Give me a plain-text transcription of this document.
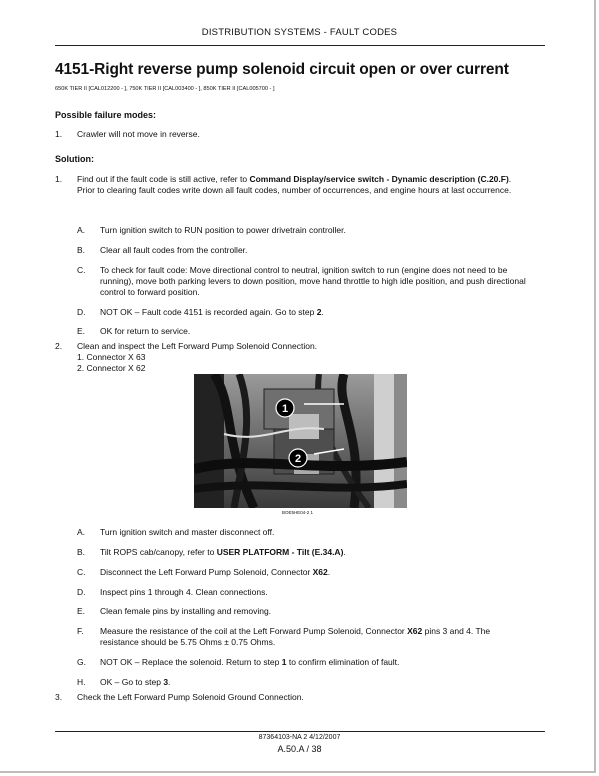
DISTRIBUTION SYSTEMS - FAULT CODES
4151-Right reverse pump solenoid circuit open or over current
650K TIER II [CAL012200 - ], 750K TIER II [CAL003400 - ], 850K TIER II [CAL005700 - ]
Possible failure modes:
1. Crawler will not move in reverse.
Solution:
1. Find out if the fault code is still active, refer to Command Display/service switch - Dynamic description (C.20.F).
Prior to clearing fault codes write down all fault codes, number of occurrences, and engine hours at last occurrence.
A. Turn ignition switch to RUN position to power drivetrain controller.
B. Clear all fault codes from the controller.
C. To check for fault code: Move directional control to neutral, ignition switch to run (engine does not need to be running), move both parking levers to down position, move hand throttle to high idle position, and push directional control to forward position.
D. NOT OK – Fault code 4151 is recorded again. Go to step 2.
E. OK for return to service.
2. Clean and inspect the Left Forward Pump Solenoid Connection.
1. Connector X 63
2. Connector X 62
1
2
BOE5HE04-2 1
A. Turn ignition switch and master disconnect off.
B. Tilt ROPS cab/canopy, refer to USER PLATFORM - Tilt (E.34.A).
C. Disconnect the Left Forward Pump Solenoid, Connector X62.
D. Inspect pins 1 through 4. Clean connections.
E. Clean female pins by installing and removing.
F. Measure the resistance of the coil at the Left Forward Pump Solenoid, Connector X62 pins 3 and 4. The resistance should be 5.75 Ohms ± 0.75 Ohms.
G. NOT OK – Replace the solenoid. Return to step 1 to confirm elimination of fault.
H. OK – Go to step 3.
3. Check the Left Forward Pump Solenoid Ground Connection.
87364103-NA 2 4/12/2007
A.50.A / 38
